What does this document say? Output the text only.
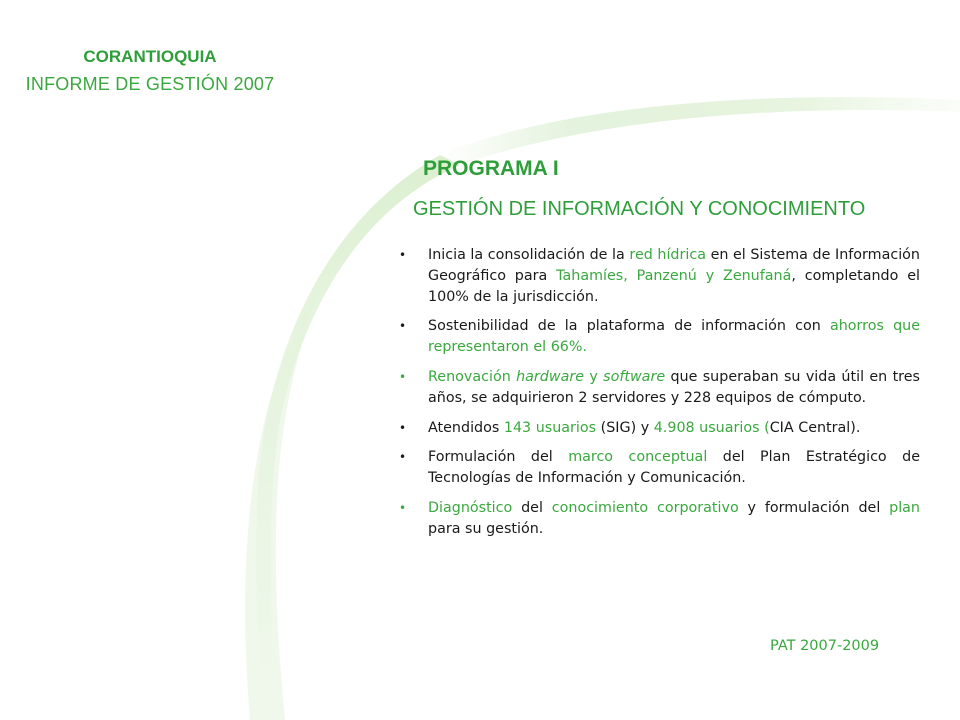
CORANTIOQUIA
INFORME DE GESTIÓN 2007
PROGRAMA I
GESTIÓN DE INFORMACIÓN Y CONOCIMIENTO
• Inicia la consolidación de la red hídrica en el Sistema de Información Geográfico para Tahamíes, Panzenú y Zenufaná, completando el 100% de la jurisdicción.
• Sostenibilidad de la plataforma de información con ahorros que representaron el 66%.
• Renovación hardware y software que superaban su vida útil en tres años, se adquirieron 2 servidores y 228 equipos de cómputo.
• Atendidos 143 usuarios (SIG) y 4.908 usuarios (CIA Central).
• Formulación del marco conceptual del Plan Estratégico de Tecnologías de Información y Comunicación.
• Diagnóstico del conocimiento corporativo y formulación del plan para su gestión.
PAT 2007-2009
